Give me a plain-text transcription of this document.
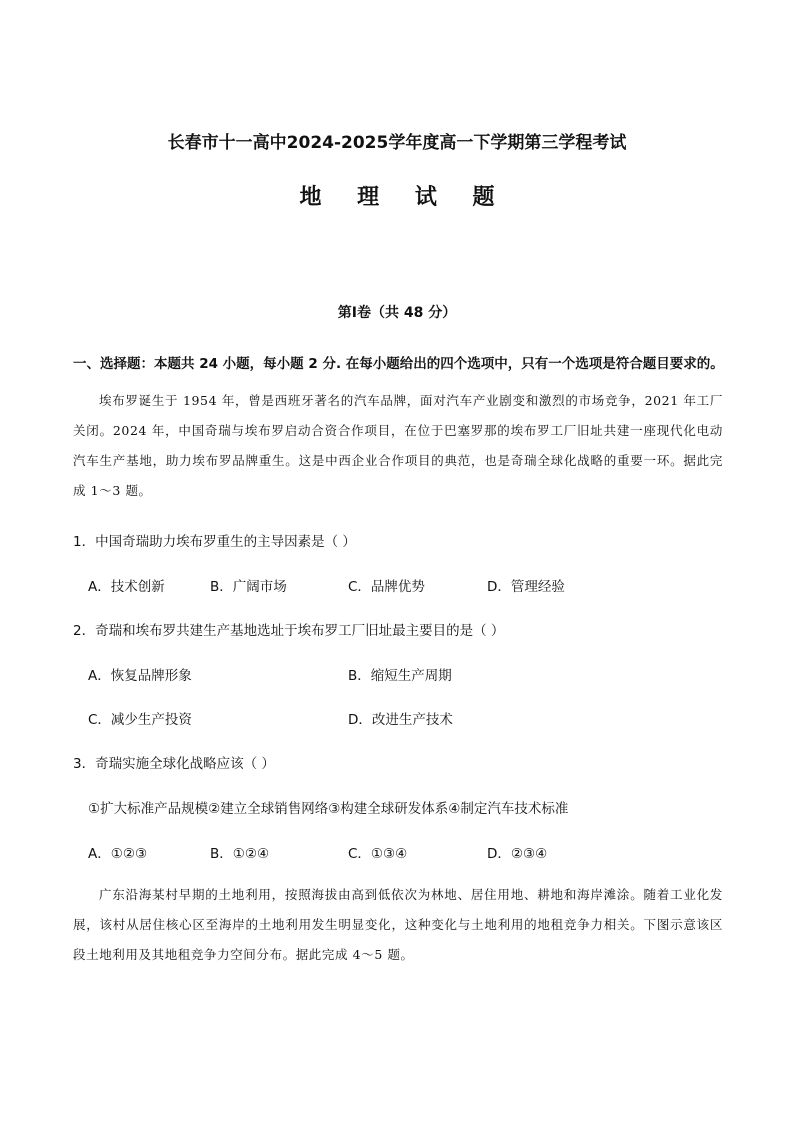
长春市十一高中2024-2025学年度高一下学期第三学程考试
地 理 试 题
第Ⅰ卷（共 48 分）
一、选择题：本题共 24 小题，每小题 2 分. 在每小题给出的四个选项中，只有一个选项是符合题目要求的。
埃布罗诞生于 1954 年，曾是西班牙著名的汽车品牌，面对汽车产业剧变和激烈的市场竞争，2021 年工厂关闭。2024 年，中国奇瑞与埃布罗启动合资合作项目，在位于巴塞罗那的埃布罗工厂旧址共建一座现代化电动汽车生产基地，助力埃布罗品牌重生。这是中西企业合作项目的典范，也是奇瑞全球化战略的重要一环。据此完成 1～3 题。
1．中国奇瑞助力埃布罗重生的主导因素是（ ）
A．技术创新	B．广阔市场	C．品牌优势	D．管理经验
2．奇瑞和埃布罗共建生产基地选址于埃布罗工厂旧址最主要目的是（ ）
A．恢复品牌形象	B．缩短生产周期
C．减少生产投资	D．改进生产技术
3．奇瑞实施全球化战略应该（ ）
①扩大标准产品规模②建立全球销售网络③构建全球研发体系④制定汽车技术标准
A．①②③	B．①②④	C．①③④	D．②③④
广东沿海某村早期的土地利用，按照海拔由高到低依次为林地、居住用地、耕地和海岸滩涂。随着工业化发展，该村从居住核心区至海岸的土地利用发生明显变化，这种变化与土地利用的地租竞争力相关。下图示意该区段土地利用及其地租竞争力空间分布。据此完成 4～5 题。
